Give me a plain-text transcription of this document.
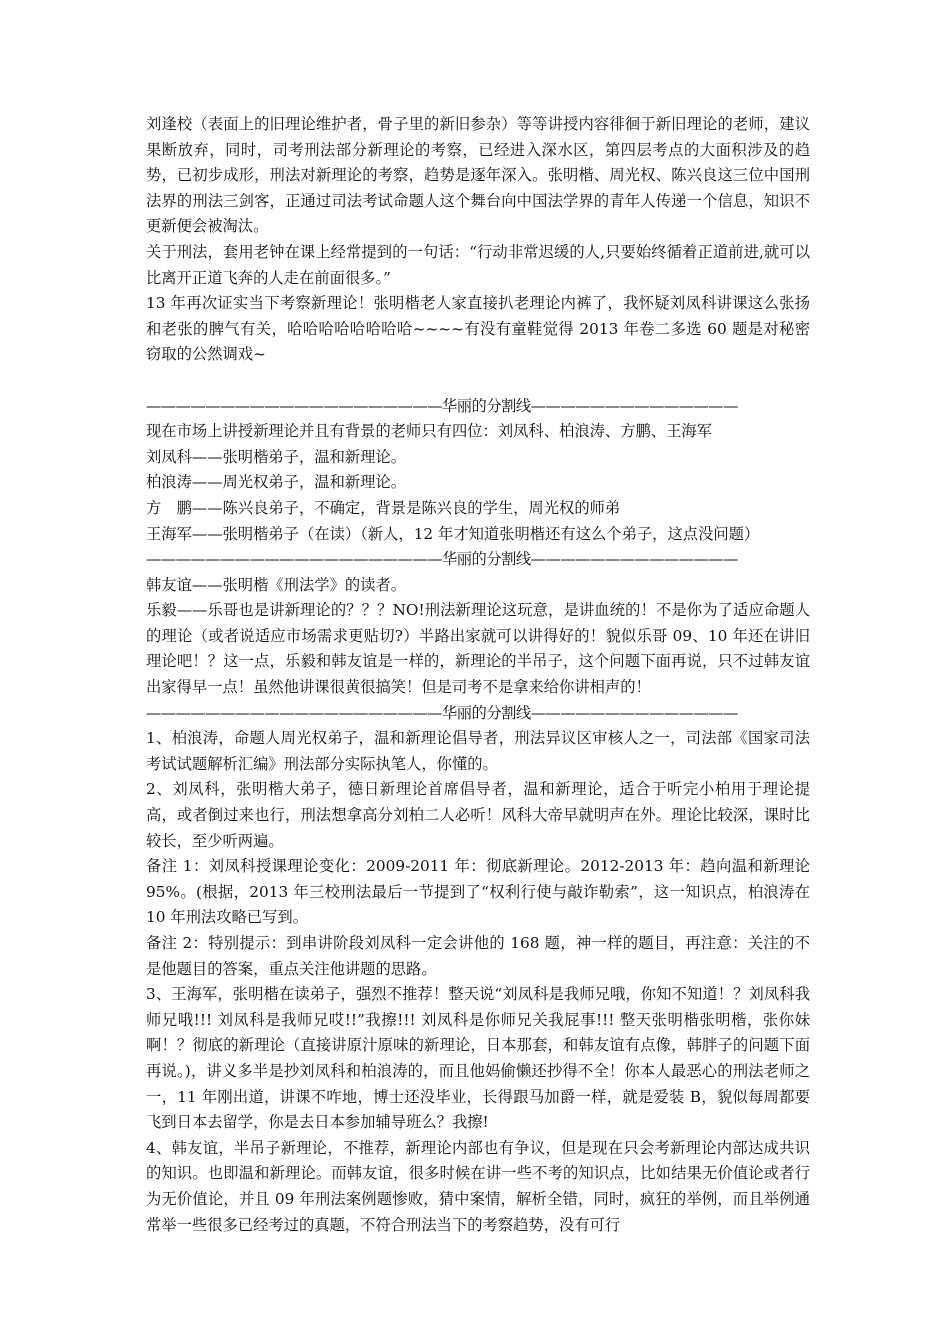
刘逢校（表面上的旧理论维护者，骨子里的新旧参杂）等等讲授内容徘徊于新旧理论的老师，建议果断放弃，同时，司考刑法部分新理论的考察，已经进入深水区，第四层考点的大面积涉及的趋势，已初步成形，刑法对新理论的考察，趋势是逐年深入。张明楷、周光权、陈兴良这三位中国刑法界的刑法三剑客，正通过司法考试命题人这个舞台向中国法学界的青年人传递一个信息，知识不更新便会被淘汰。

关于刑法，套用老钟在课上经常提到的一句话：“行动非常迟缓的人,只要始终循着正道前进,就可以比离开正道飞奔的人走在前面很多。”

13 年再次证实当下考察新理论！张明楷老人家直接扒老理论内裤了，我怀疑刘凤科讲课这么张扬和老张的脾气有关，哈哈哈哈哈哈哈哈~~~~有没有童鞋觉得 2013 年卷二多选 60 题是对秘密窃取的公然调戏~

————————————————————华丽的分割线——————————————

现在市场上讲授新理论并且有背景的老师只有四位：刘凤科、柏浪涛、方鹏、王海军

刘凤科——张明楷弟子，温和新理论。

柏浪涛——周光权弟子，温和新理论。

方　鹏——陈兴良弟子，不确定，背景是陈兴良的学生，周光权的师弟

王海军——张明楷弟子（在读）（新人，12 年才知道张明楷还有这么个弟子，这点没问题）

————————————————————华丽的分割线——————————————

韩友谊——张明楷《刑法学》的读者。

乐毅——乐哥也是讲新理论的？？？NO!刑法新理论这玩意，是讲血统的！不是你为了适应命题人的理论（或者说适应市场需求更贴切?）半路出家就可以讲得好的！貌似乐哥 09、10 年还在讲旧理论吧！？这一点，乐毅和韩友谊是一样的，新理论的半吊子，这个问题下面再说，只不过韩友谊出家得早一点！虽然他讲课很黄很搞笑！但是司考不是拿来给你讲相声的！

————————————————————华丽的分割线——————————————

1、柏浪涛，命题人周光权弟子，温和新理论倡导者，刑法异议区审核人之一，司法部《国家司法考试试题解析汇编》刑法部分实际执笔人，你懂的。

2、刘凤科，张明楷大弟子，德日新理论首席倡导者，温和新理论，适合于听完小柏用于理论提高，或者倒过来也行，刑法想拿高分刘柏二人必听！风科大帝早就明声在外。理论比较深，课时比较长，至少听两遍。

备注 1：刘凤科授课理论变化：2009-2011 年：彻底新理论。2012-2013 年：趋向温和新理论 95%。(根据，2013 年三校刑法最后一节提到了“权利行使与敲诈勒索”，这一知识点，柏浪涛在 10 年刑法攻略已写到。

备注 2：特别提示：到串讲阶段刘凤科一定会讲他的 168 题，神一样的题目，再注意：关注的不是他题目的答案，重点关注他讲题的思路。

3、王海军，张明楷在读弟子，强烈不推荐！整天说“刘凤科是我师兄哦，你知不知道！？刘凤科我师兄哦!!! 刘凤科是我师兄哎!!”我擦!!! 刘凤科是你师兄关我屁事!!! 整天张明楷张明楷，张你妹啊！？彻底的新理论（直接讲原汁原味的新理论，日本那套，和韩友谊有点像，韩胖子的问题下面再说。)，讲义多半是抄刘凤科和柏浪涛的，而且他妈偷懒还抄得不全！你本人最恶心的刑法老师之一，11 年刚出道，讲课不咋地，博士还没毕业，长得跟马加爵一样，就是爱装 B，貌似每周都要飞到日本去留学，你是去日本参加辅导班么？我擦!

4、韩友谊，半吊子新理论，不推荐，新理论内部也有争议，但是现在只会考新理论内部达成共识的知识。也即温和新理论。而韩友谊，很多时候在讲一些不考的知识点，比如结果无价值论或者行为无价值论，并且 09 年刑法案例题惨败，猜中案情，解析全错，同时，疯狂的举例，而且举例通常举一些很多已经考过的真题，不符合刑法当下的考察趋势，没有可行
